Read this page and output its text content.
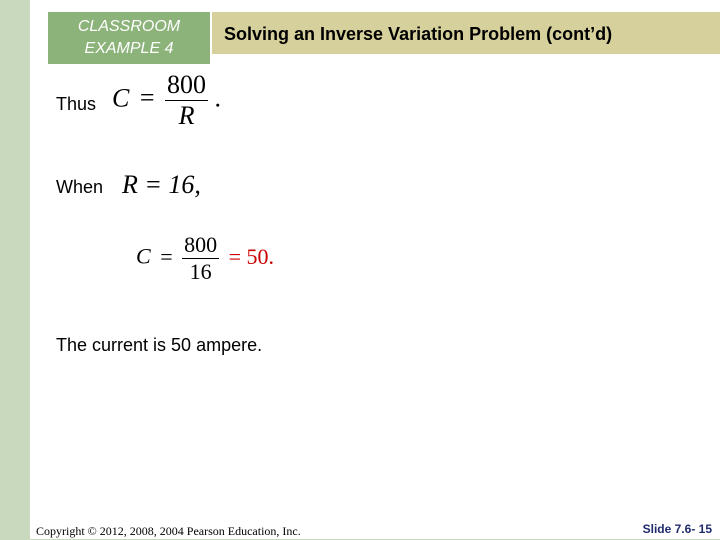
CLASSROOM
EXAMPLE 4
Solving an Inverse Variation Problem (cont’d)
Thus $C = \frac{800}{R}$ .
When R = 16,
$C = \frac{800}{16} = 50$.
The current is 50 ampere.
Copyright © 2012, 2008, 2004 Pearson Education, Inc.	Slide 7.6- 15
